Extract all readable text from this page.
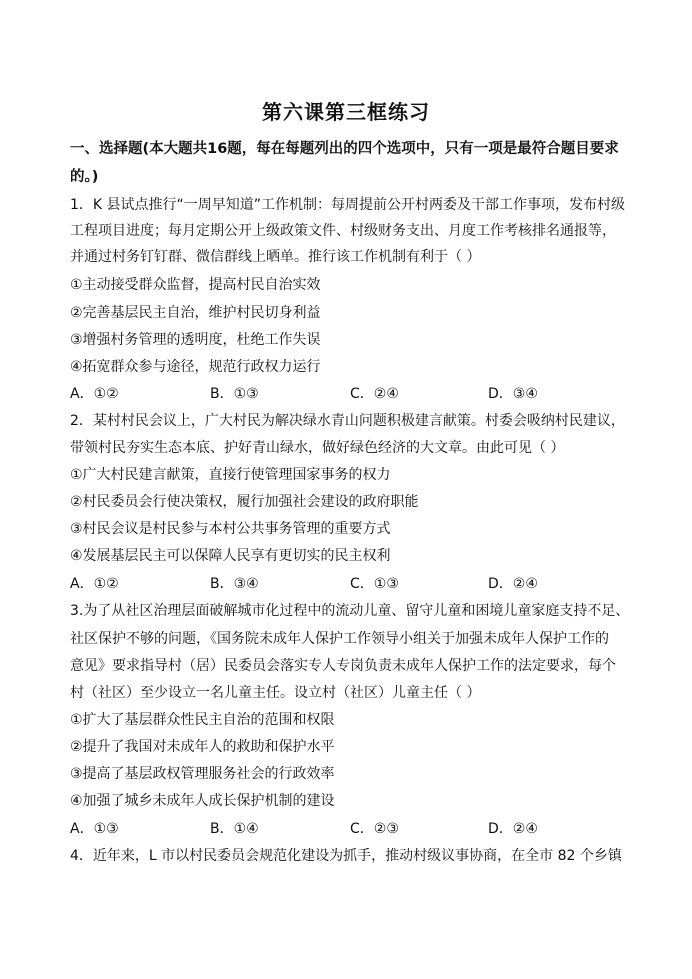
第六课第三框练习
一、选择题(本大题共16题，每在每题列出的四个选项中，只有一项是最符合题目要求
的。)
1．K 县试点推行“一周早知道”工作机制：每周提前公开村两委及干部工作事项，发布村级
工程项目进度；每月定期公开上级政策文件、村级财务支出、月度工作考核排名通报等，
并通过村务钉钉群、微信群线上晒单。推行该工作机制有利于（ ）
①主动接受群众监督，提高村民自治实效
②完善基层民主自治，维护村民切身利益
③增强村务管理的透明度，杜绝工作失误
④拓宽群众参与途径，规范行政权力运行
A．①②	B．①③	C．②④	D．③④
2．某村村民会议上，广大村民为解决绿水青山问题积极建言献策。村委会吸纳村民建议，
带领村民夯实生态本底、护好青山绿水，做好绿色经济的大文章。由此可见（ ）
①广大村民建言献策，直接行使管理国家事务的权力
②村民委员会行使决策权，履行加强社会建设的政府职能
③村民会议是村民参与本村公共事务管理的重要方式
④发展基层民主可以保障人民享有更切实的民主权利
A．①②	B．③④	C．①③	D．②④
3.为了从社区治理层面破解城市化过程中的流动儿童、留守儿童和困境儿童家庭支持不足、
社区保护不够的问题，《国务院未成年人保护工作领导小组关于加强未成年人保护工作的
意见》要求指导村（居）民委员会落实专人专岗负责未成年人保护工作的法定要求，每个
村（社区）至少设立一名儿童主任。设立村（社区）儿童主任（ ）
①扩大了基层群众性民主自治的范围和权限
②提升了我国对未成年人的救助和保护水平
③提高了基层政权管理服务社会的行政效率
④加强了城乡未成年人成长保护机制的建设
A．①③	B．①④	C．②③	D．②④
4．近年来，L 市以村民委员会规范化建设为抓手，推动村级议事协商，在全市 82 个乡镇
